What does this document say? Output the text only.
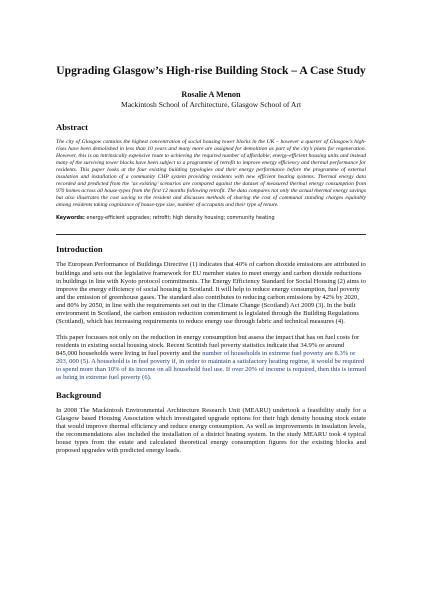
Upgrading Glasgow’s High-rise Building Stock – A Case Study
Rosalie A Menon
Mackintosh School of Architecture, Glasgow School of Art
Abstract

The city of Glasgow contains the highest concentration of social housing tower blocks in the UK – however a quarter of Glasgow’s high-rises have been demolished in less than 10 years and many more are assigned for demolition as part of the city’s plans for regeneration. However, this is an intrinsically expensive route to achieving the required number of affordable, energy-efficient housing units and instead many of the surviving tower blocks have been subject to a programme of retrofit to improve energy efficiency and thermal performance for residents. This paper looks at the four existing building typologies and their energy performance before the programme of external insulation and installation of a community CHP system providing residents with new efficient heating systems. Thermal energy data recorded and predicted from the ‘as existing’ scenarios are compared against the dataset of measured thermal energy consumption from 970 homes across all house-types from the first 12 months following retrofit. The data compares not only the actual thermal energy savings but also illustrates the cost saving to the resident and discusses methods of sharing the cost of communal standing charges equitably among residents taking cognizance of house-type size, number of occupants and their type of tenure.

Keywords: energy-efficient upgrades; retrofit; high density housing; community heating
Introduction

The European Performance of Buildings Directive (1) indicates that 40% of carbon dioxide emissions are attributed to buildings and sets out the legislative framework for EU member states to meet energy and carbon dioxide reductions in buildings in line with Kyoto protocol commitments. The Energy Efficiency Standard for Social Housing (2) aims to improve the energy efficiency of social housing in Scotland. It will help to reduce energy consumption, fuel poverty and the emission of greenhouse gases. The standard also contributes to reducing carbon emissions by 42% by 2020, and 80% by 2050, in line with the requirements set out in the Climate Change (Scotland) Act 2009 (3). In the built environment in Scotland, the carbon emission reduction commitment is legislated through the Building Regulations (Scotland), which has increasing requirements to reduce energy use through fabric and technical measures (4).

This paper focusses not only on the reduction in energy consumption but assess the impact that has on fuel costs for residents in existing social housing stock. Recent Scottish fuel poverty statistics indicate that 34.9% or around 845,000 households were living in fuel poverty and the number of households in extreme fuel poverty are 8.3% or 203, 000 (5). A household is in fuel poverty if, in order to maintain a satisfactory heating regime, it would be required to spend more than 10% of its income on all household fuel use. If over 20% of income is required, then this is termed as being in extreme fuel poverty (6).

Background

In 2008 The Mackintosh Environmental Architecture Research Unit (MEARU) undertook a feasibility study for a Glasgow based Housing Association which investigated upgrade options for their high density housing stock estate that would improve thermal efficiency and reduce energy consumption. As well as improvements in insulation levels, the recommendations also included the installation of a district heating system. In the study MEARU took 4 typical house types from the estate and calculated theoretical energy consumption figures for the existing blocks and proposed upgrades with predicted energy loads.
